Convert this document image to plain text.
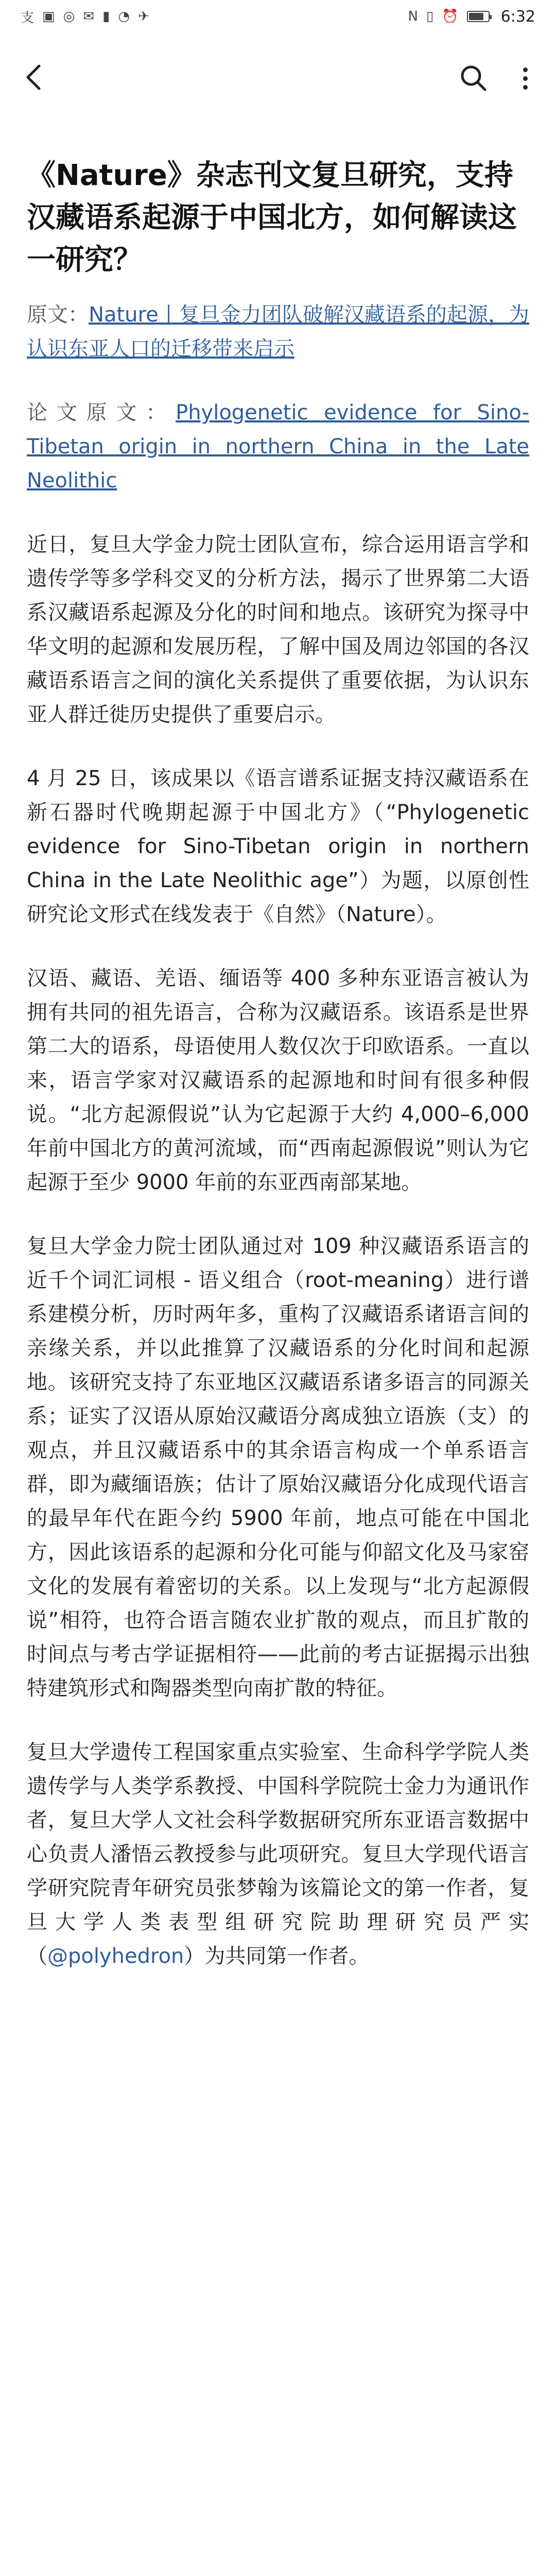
支 ▣ ◎ ✉ ▮ ◔ ✈	N ▯ ⏰	6:32
《Nature》杂志刊文复旦研究，支持汉藏语系起源于中国北方，如何解读这一研究？

原文：Nature丨复旦金力团队破解汉藏语系的起源，为认识东亚人口的迁移带来启示

论文原文：Phylogenetic evidence for Sino-Tibetan origin in northern China in the Late Neolithic

近日，复旦大学金力院士团队宣布，综合运用语言学和遗传学等多学科交叉的分析方法，揭示了世界第二大语系汉藏语系起源及分化的时间和地点。该研究为探寻中华文明的起源和发展历程，了解中国及周边邻国的各汉藏语系语言之间的演化关系提供了重要依据，为认识东亚人群迁徙历史提供了重要启示。

4 月 25 日，该成果以《语言谱系证据支持汉藏语系在新石器时代晚期起源于中国北方》（“Phylogenetic evidence for Sino-Tibetan origin in northern China in the Late Neolithic age”）为题，以原创性研究论文形式在线发表于《自然》（Nature）。

汉语、藏语、羌语、缅语等 400 多种东亚语言被认为拥有共同的祖先语言，合称为汉藏语系。该语系是世界第二大的语系，母语使用人数仅次于印欧语系。一直以来，语言学家对汉藏语系的起源地和时间有很多种假说。“北方起源假说”认为它起源于大约 4,000–6,000 年前中国北方的黄河流域，而“西南起源假说”则认为它起源于至少 9000 年前的东亚西南部某地。

复旦大学金力院士团队通过对 109 种汉藏语系语言的近千个词汇词根 - 语义组合（root-meaning）进行谱系建模分析，历时两年多，重构了汉藏语系诸语言间的亲缘关系，并以此推算了汉藏语系的分化时间和起源地。该研究支持了东亚地区汉藏语系诸多语言的同源关系；证实了汉语从原始汉藏语分离成独立语族（支）的观点，并且汉藏语系中的其余语言构成一个单系语言群，即为藏缅语族；估计了原始汉藏语分化成现代语言的最早年代在距今约 5900 年前，地点可能在中国北方，因此该语系的起源和分化可能与仰韶文化及马家窑文化的发展有着密切的关系。以上发现与“北方起源假说”相符，也符合语言随农业扩散的观点，而且扩散的时间点与考古学证据相符——此前的考古证据揭示出独特建筑形式和陶器类型向南扩散的特征。

复旦大学遗传工程国家重点实验室、生命科学学院人类遗传学与人类学系教授、中国科学院院士金力为通讯作者，复旦大学人文社会科学数据研究所东亚语言数据中心负责人潘悟云教授参与此项研究。复旦大学现代语言学研究院青年研究员张梦翰为该篇论文的第一作者，复旦大学人类表型组研究院助理研究员严实（@polyhedron）为共同第一作者。
